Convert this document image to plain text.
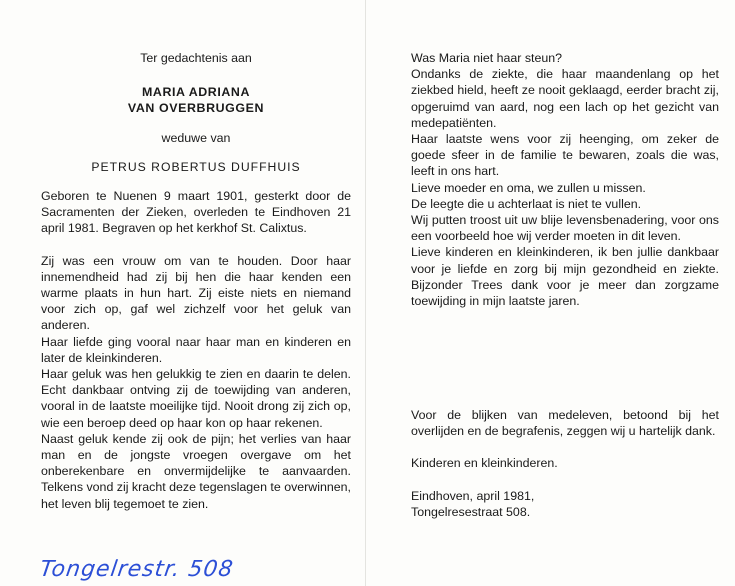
Ter gedachtenis aan

MARIA ADRIANA

VAN OVERBRUGGEN

weduwe van

PETRUS ROBERTUS DUFFHUIS

Geboren te Nuenen 9 maart 1901, gesterkt door de Sacramenten der Zieken, overleden te Eindhoven 21 april 1981. Begraven op het kerkhof St. Calixtus.

Zij was een vrouw om van te houden. Door haar innemendheid had zij bij hen die haar kenden een warme plaats in hun hart. Zij eiste niets en niemand voor zich op, gaf wel zichzelf voor het geluk van anderen.

Haar liefde ging vooral naar haar man en kinderen en later de kleinkinderen.

Haar geluk was hen gelukkig te zien en daarin te delen. Echt dankbaar ontving zij de toewijding van anderen, vooral in de laatste moeilijke tijd. Nooit drong zij zich op, wie een beroep deed op haar kon op haar rekenen.

Naast geluk kende zij ook de pijn; het verlies van haar man en de jongste vroegen overgave om het onberekenbare en onvermijdelijke te aanvaarden. Telkens vond zij kracht deze tegenslagen te overwinnen, het leven blij tegemoet te zien.

Was Maria niet haar steun?

Ondanks de ziekte, die haar maandenlang op het ziekbed hield, heeft ze nooit geklaagd, eerder bracht zij, opgeruimd van aard, nog een lach op het gezicht van medepatiënten.

Haar laatste wens voor zij heenging, om zeker de goede sfeer in de familie te bewaren, zoals die was, leeft in ons hart.

Lieve moeder en oma, we zullen u missen.

De leegte die u achterlaat is niet te vullen.

Wij putten troost uit uw blije levensbenadering, voor ons een voorbeeld hoe wij verder moeten in dit leven.

Lieve kinderen en kleinkinderen, ik ben jullie dankbaar voor je liefde en zorg bij mijn gezondheid en ziekte. Bijzonder Trees dank voor je meer dan zorgzame toewijding in mijn laatste jaren.

Voor de blijken van medeleven, betoond bij het overlijden en de begrafenis, zeggen wij u hartelijk dank.

Kinderen en kleinkinderen.

Eindhoven, april 1981,

Tongelresestraat 508.

Tongelrestr. 508
